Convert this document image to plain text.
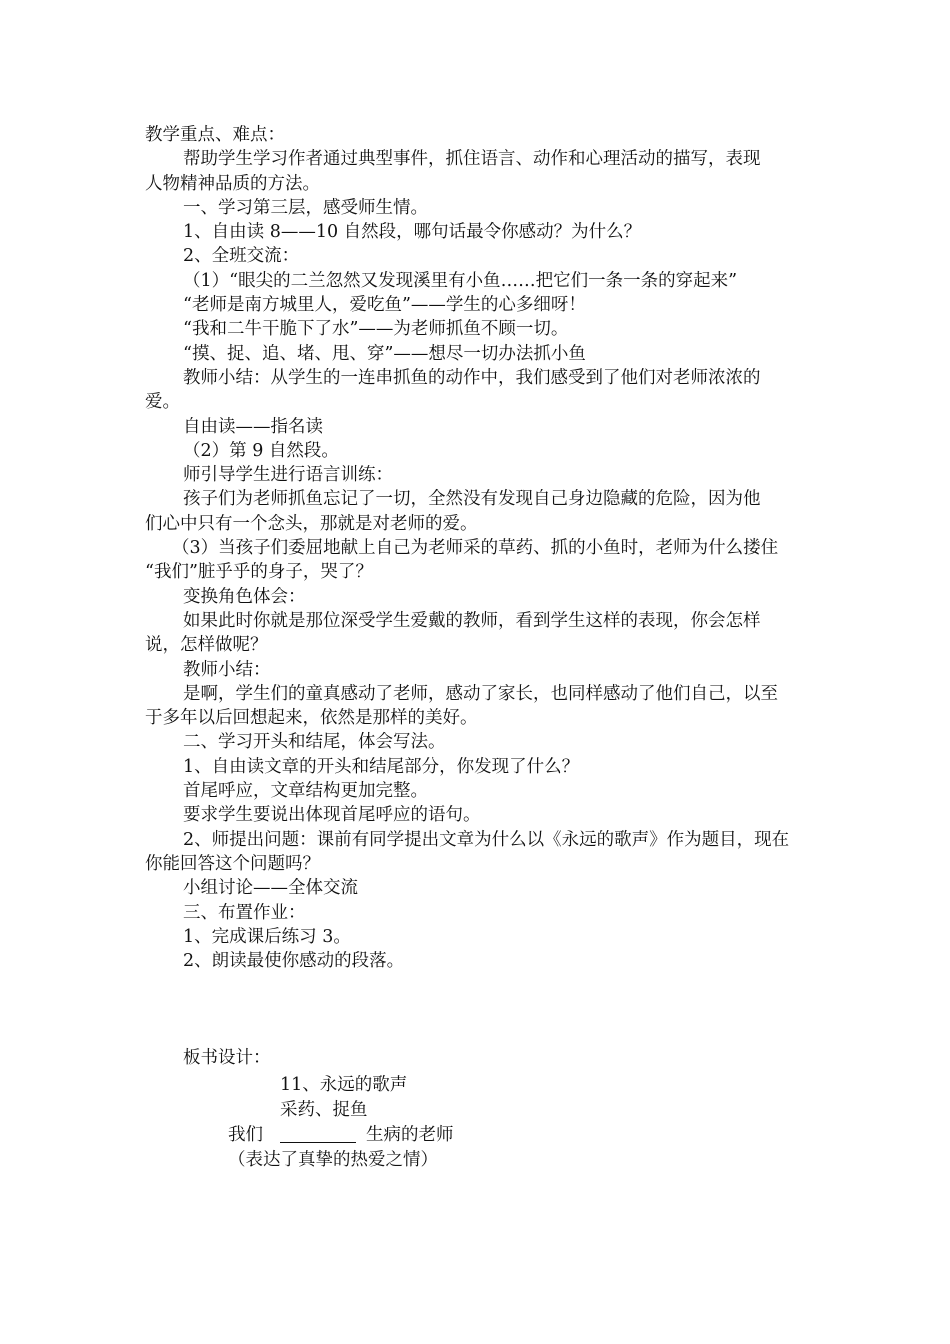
教学重点、难点：
帮助学生学习作者通过典型事件，抓住语言、动作和心理活动的描写，表现
人物精神品质的方法。
一、学习第三层，感受师生情。
1、自由读 8——10 自然段，哪句话最令你感动？为什么？
2、全班交流：
（1）“眼尖的二兰忽然又发现溪里有小鱼……把它们一条一条的穿起来”
“老师是南方城里人，爱吃鱼”——学生的心多细呀！
“我和二牛干脆下了水”——为老师抓鱼不顾一切。
“摸、捉、追、堵、甩、穿”——想尽一切办法抓小鱼
教师小结：从学生的一连串抓鱼的动作中，我们感受到了他们对老师浓浓的
爱。
自由读——指名读
（2）第 9 自然段。
师引导学生进行语言训练：
孩子们为老师抓鱼忘记了一切，全然没有发现自己身边隐藏的危险，因为他
们心中只有一个念头，那就是对老师的爱。
（3）当孩子们委屈地献上自己为老师采的草药、抓的小鱼时，老师为什么搂住
“我们”脏乎乎的身子，哭了？
变换角色体会：
如果此时你就是那位深受学生爱戴的教师，看到学生这样的表现，你会怎样
说，怎样做呢？
教师小结：
是啊，学生们的童真感动了老师，感动了家长，也同样感动了他们自己，以至
于多年以后回想起来，依然是那样的美好。
二、学习开头和结尾，体会写法。
1、自由读文章的开头和结尾部分，你发现了什么？
首尾呼应，文章结构更加完整。
要求学生要说出体现首尾呼应的语句。
2、师提出问题：课前有同学提出文章为什么以《永远的歌声》作为题目，现在
你能回答这个问题吗？
小组讨论——全体交流
三、布置作业：
1、完成课后练习 3。
2、朗读最使你感动的段落。
板书设计：
11、永远的歌声
采药、捉鱼
我们	生病的老师
（表达了真挚的热爱之情）
